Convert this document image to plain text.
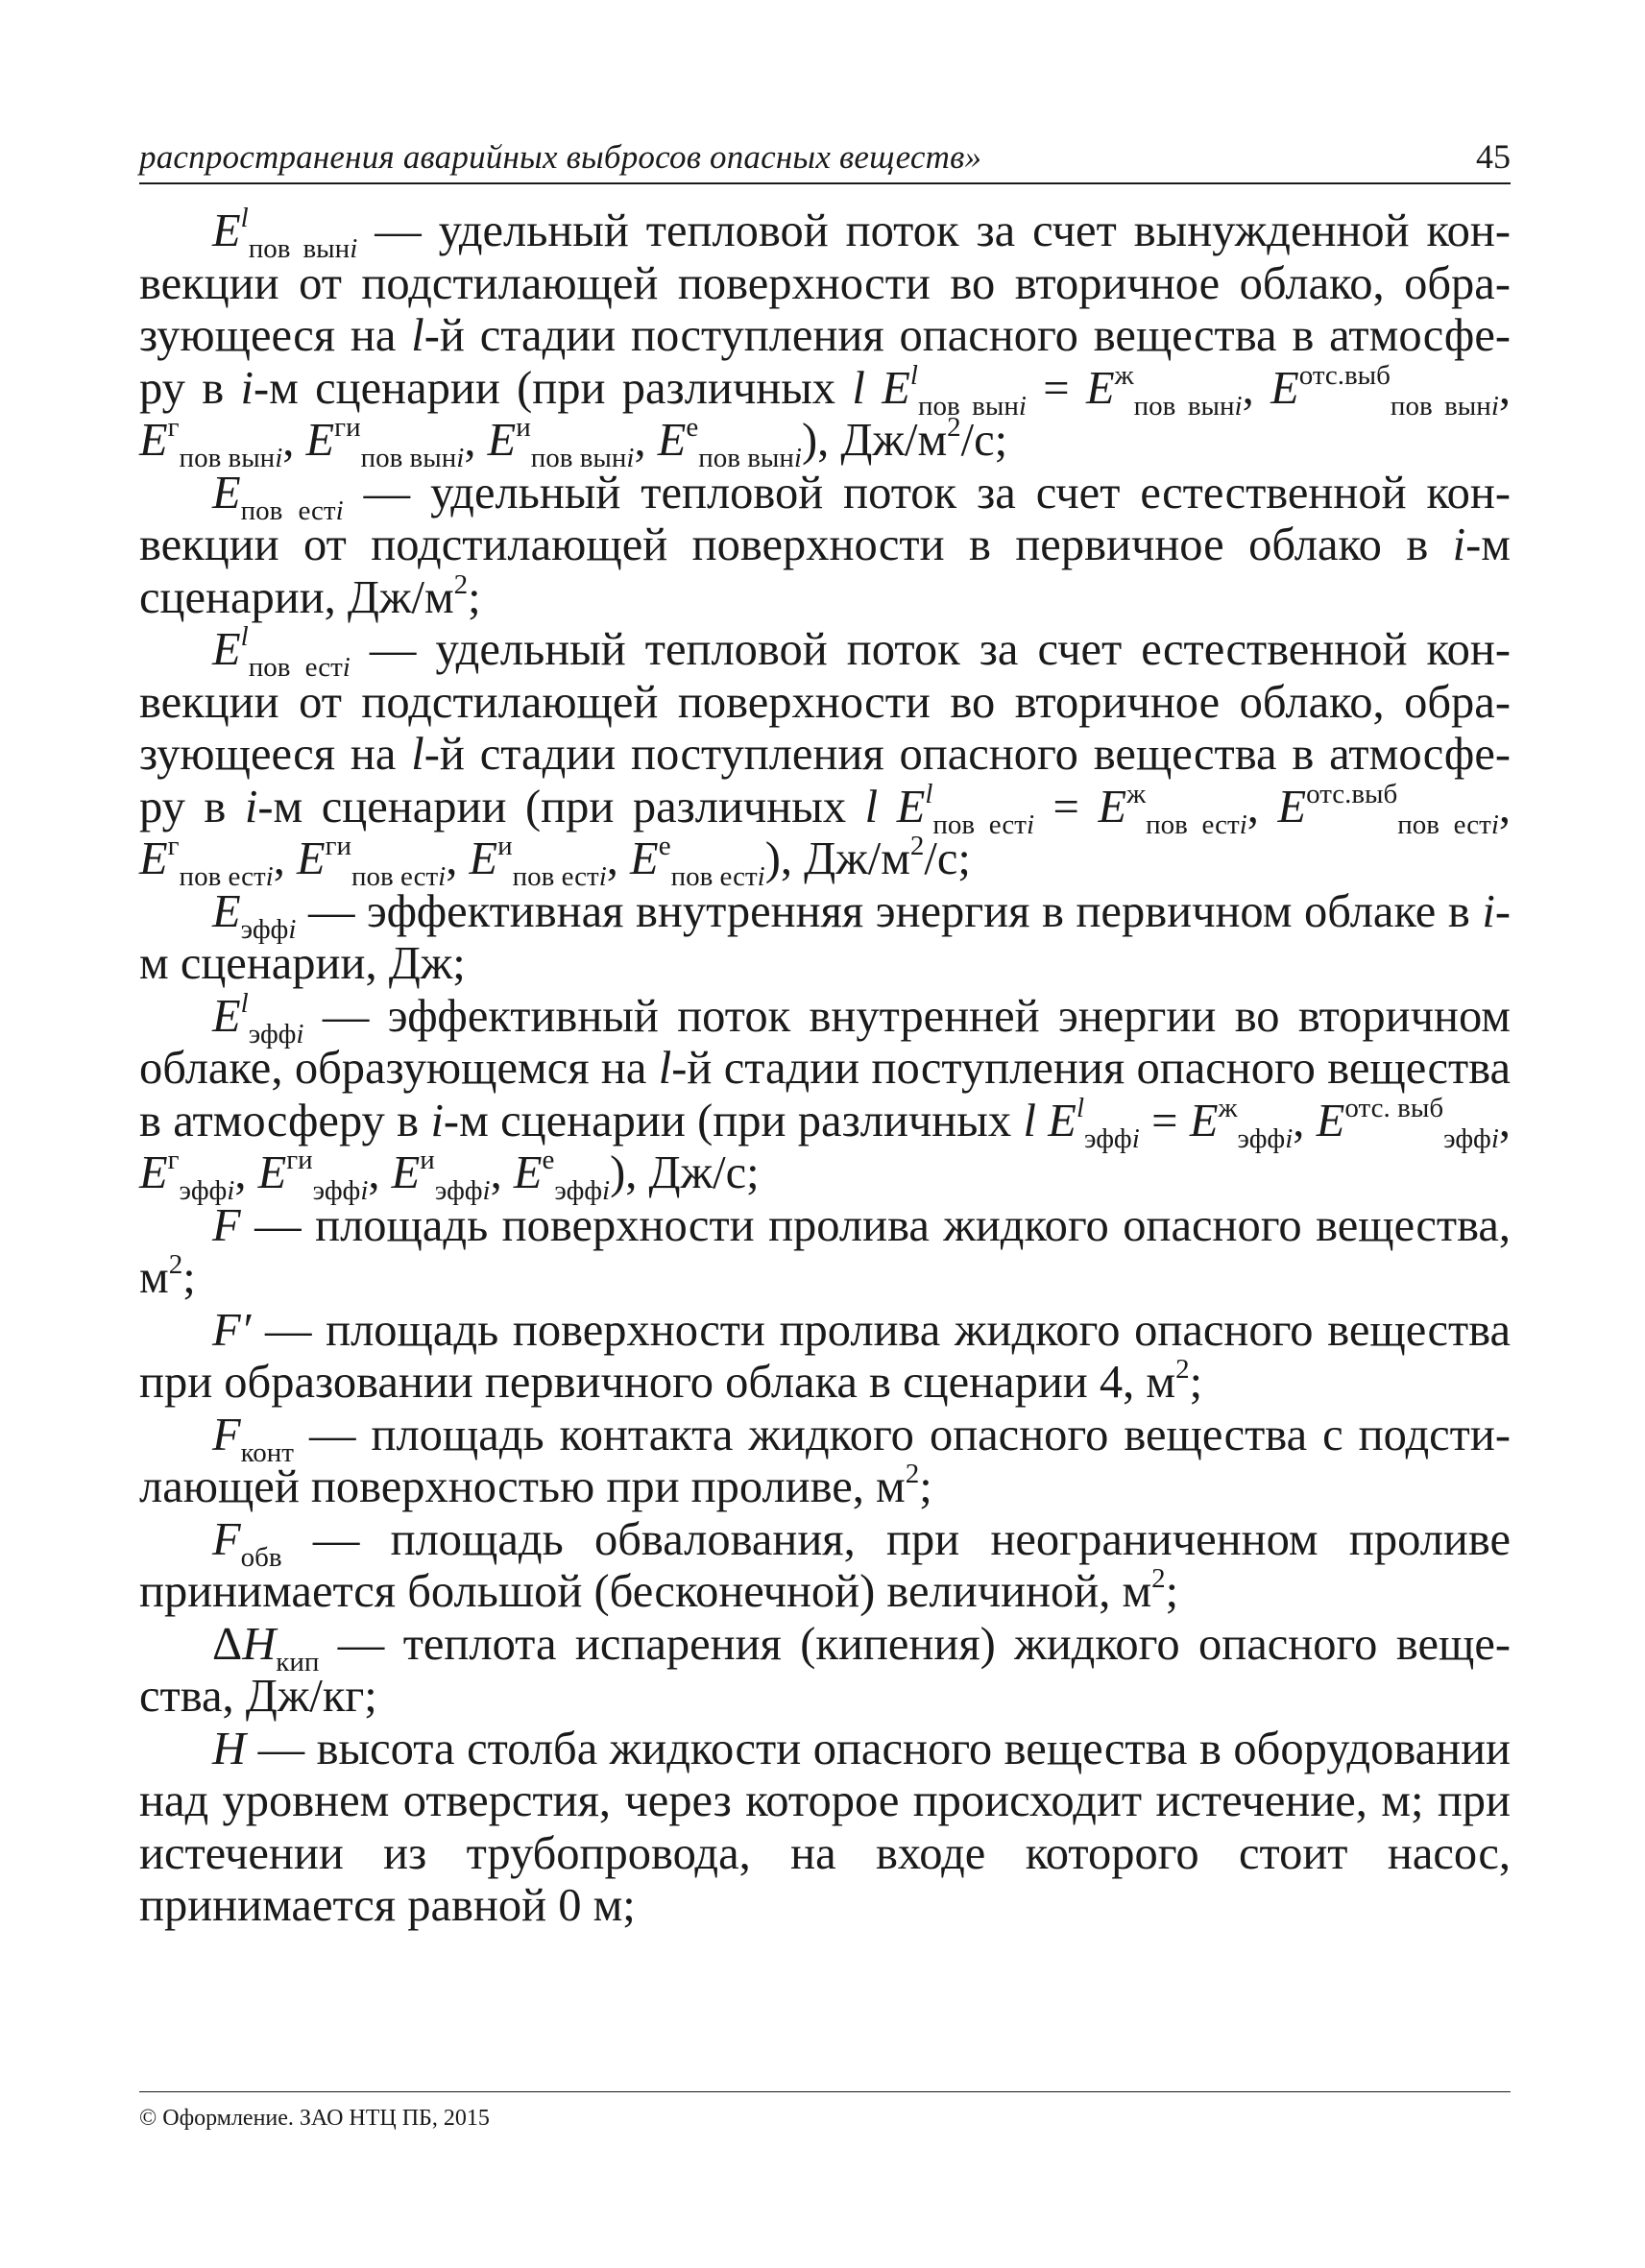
распространения аварийных выбросов опасных веществ»	45

$E^l_{пов вынi}$ — удельный тепловой поток за счет вынужденной конвекции от подстилающей поверхности во вторичное облако, образующееся на l-й стадии поступления опасного вещества в атмосферу в i-м сценарии (при различных l $E^l_{пов вынi} = E^ж_{пов вынi}$, $E^{отс.выб}_{пов вынi}$, $E^г_{пов вынi}$, $E^{ги}_{пов вынi}$, $E^и_{пов вынi}$, $E^е_{пов вынi}$), $Дж/м^2/с$;

$E_{пов естi}$ — удельный тепловой поток за счет естественной конвекции от подстилающей поверхности в первичное облако в i-м сценарии, $Дж/м^2$;

$E^l_{пов естi}$ — удельный тепловой поток за счет естественной конвекции от подстилающей поверхности во вторичное облако, образующееся на l-й стадии поступления опасного вещества в атмосферу в i-м сценарии (при различных l $E^l_{пов естi} = E^ж_{пов естi}$, $E^{отс.выб}_{пов естi}$, $E^г_{пов естi}$, $E^{ги}_{пов естi}$, $E^и_{пов естi}$, $E^е_{пов естi}$), $Дж/м^2/с$;

$E_{эффi}$ — эффективная внутренняя энергия в первичном облаке в i-м сценарии, Дж;

$E^l_{эффi}$ — эффективный поток внутренней энергии во вторичном облаке, образующемся на l-й стадии поступления опасного вещества в атмосферу в i-м сценарии (при различных l $E^l_{эффi} = E^ж_{эффi}$, $E^{отс. выб}_{эффi}$, $E^г_{эффi}$, $E^{ги}_{эффi}$, $E^и_{эффi}$, $E^е_{эффi}$), Дж/с;

F — площадь поверхности пролива жидкого опасного вещества, $м^2$;

F′ — площадь поверхности пролива жидкого опасного вещества при образовании первичного облака в сценарии 4, $м^2$;

$F_{конт}$ — площадь контакта жидкого опасного вещества с подстилающей поверхностью при проливе, $м^2$;

$F_{обв}$ — площадь обвалования, при неограниченном проливе принимается большой (бесконечной) величиной, $м^2$;

$\Delta H_{кип}$ — теплота испарения (кипения) жидкого опасного вещества, Дж/кг;

H — высота столба жидкости опасного вещества в оборудовании над уровнем отверстия, через которое происходит истечение, м; при истечении из трубопровода, на входе которого стоит насос, принимается равной 0 м;

© Оформление. ЗАО НТЦ ПБ, 2015
